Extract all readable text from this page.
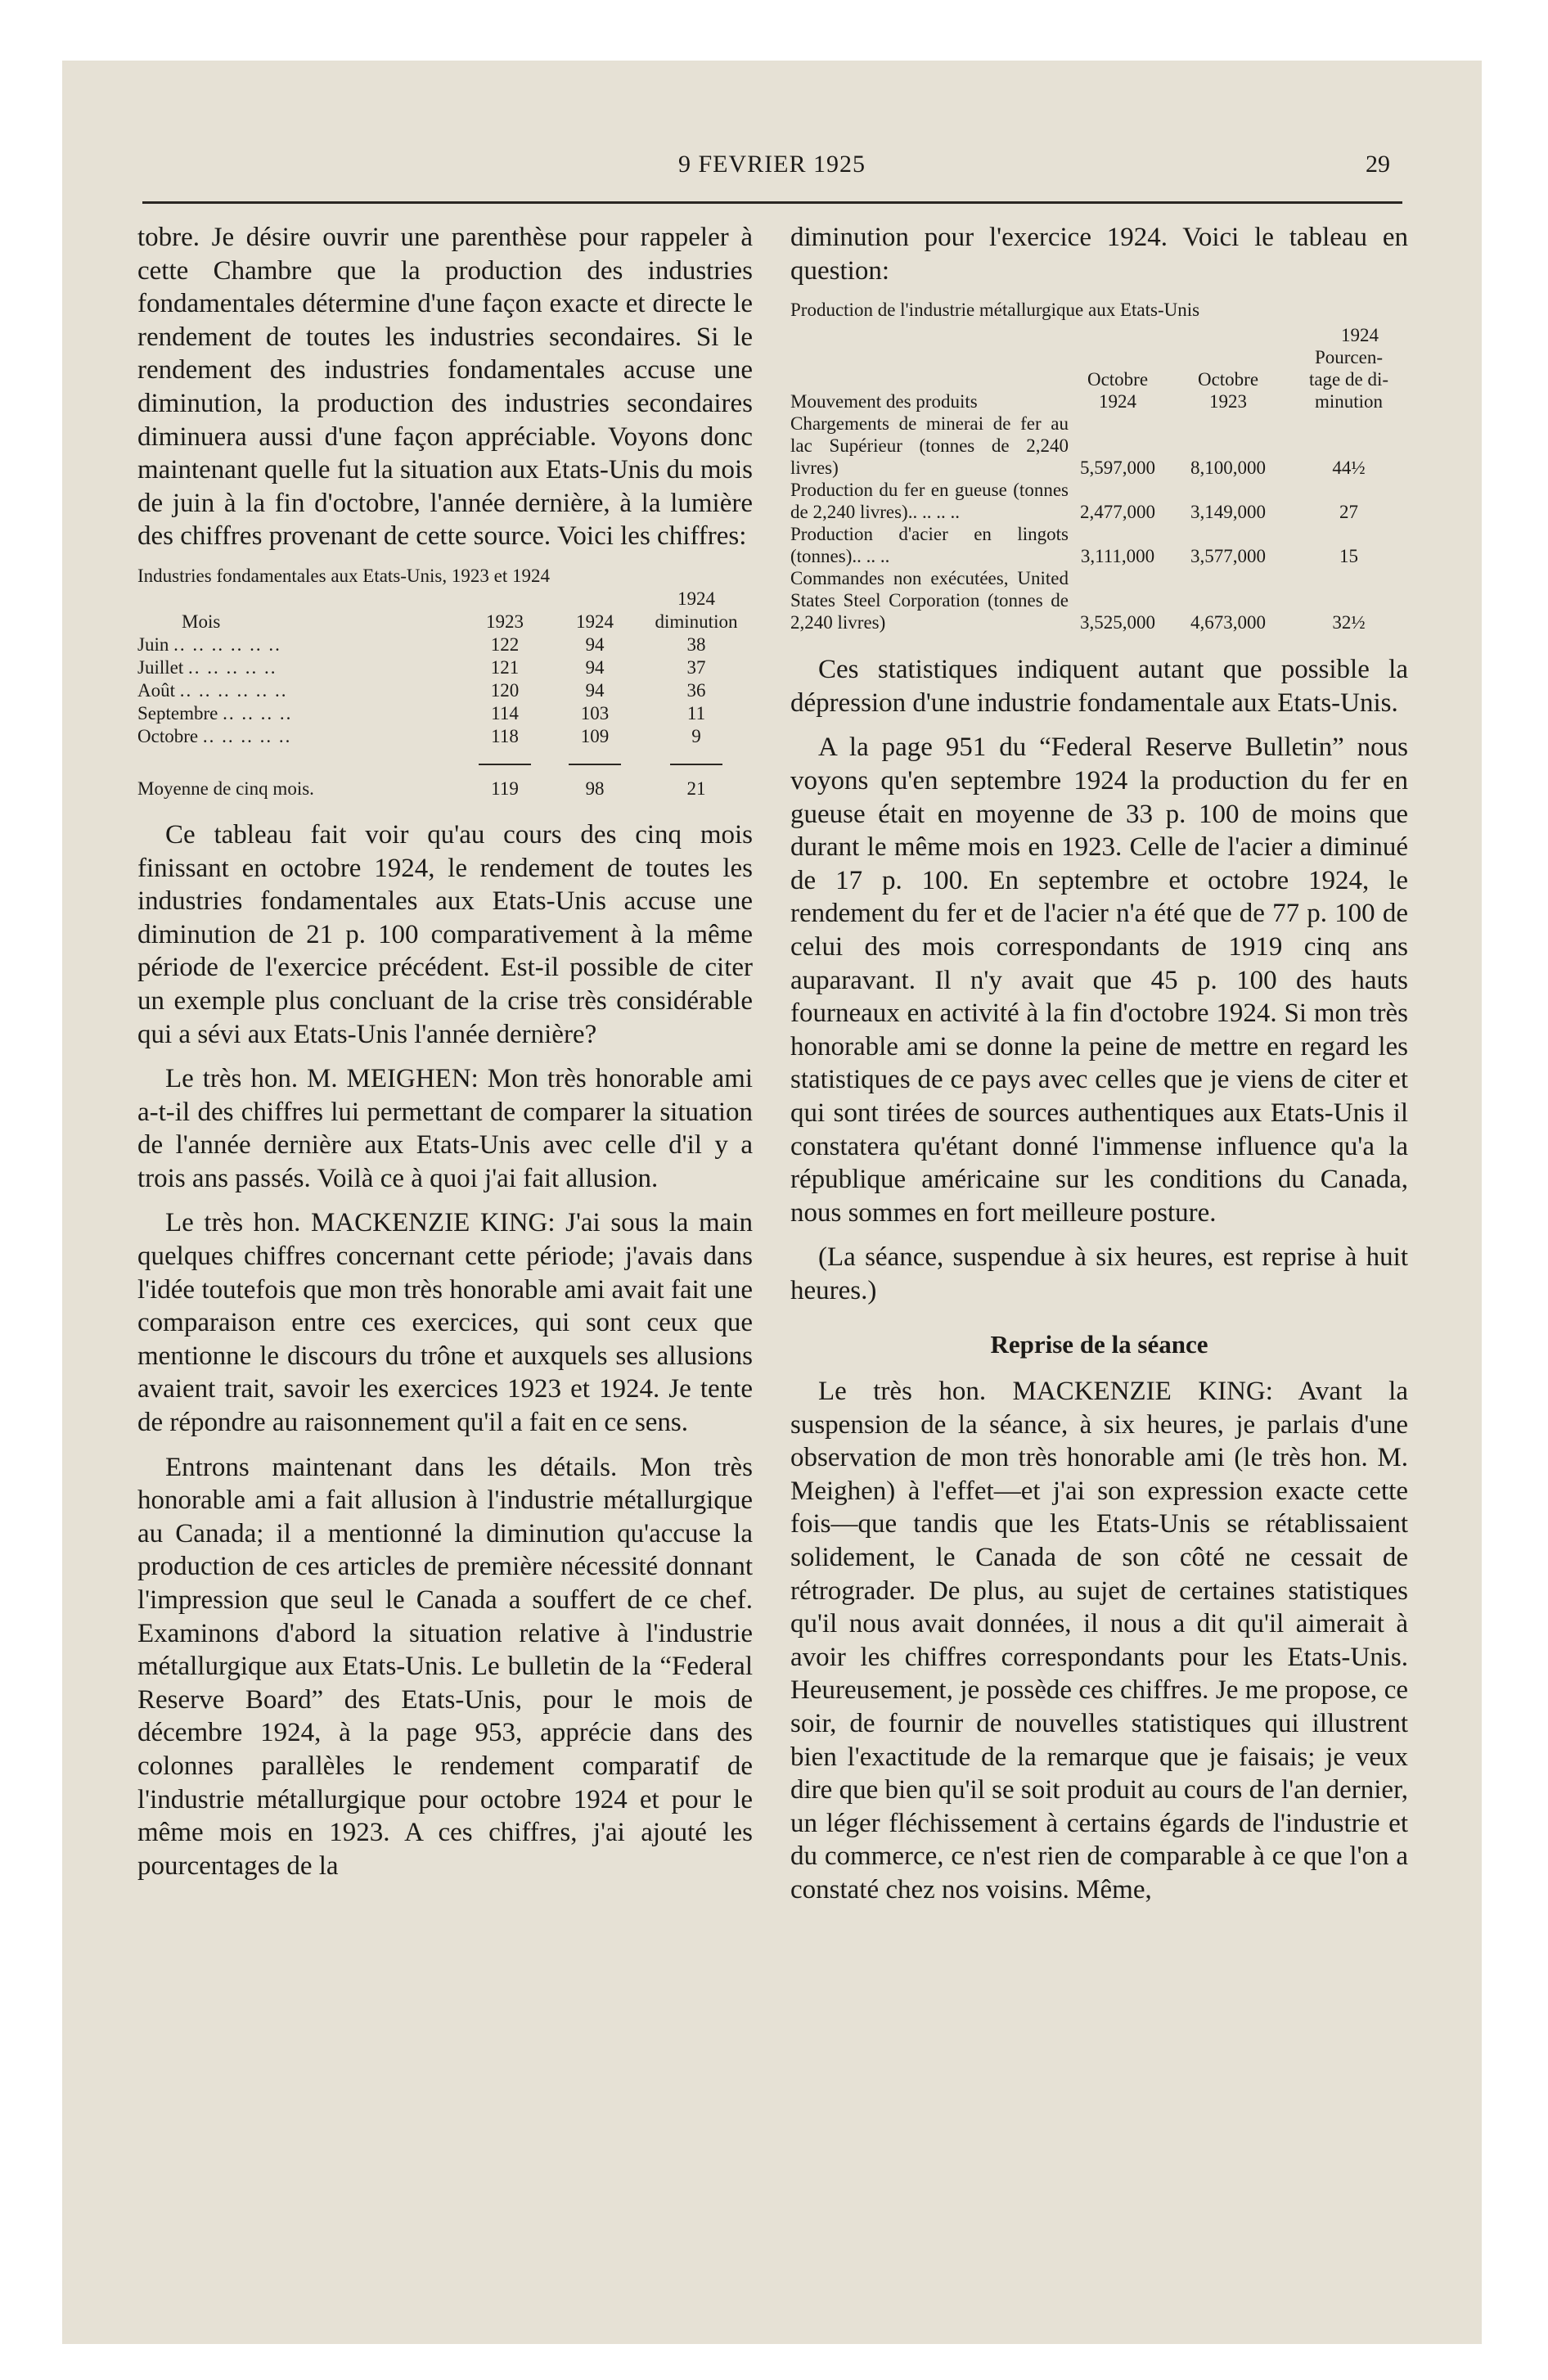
9 FEVRIER 1925	29

tobre. Je désire ouvrir une parenthèse pour rappeler à cette Chambre que la production des industries fondamentales détermine d'une façon exacte et directe le rendement de toutes les industries secondaires. Si le rendement des industries fondamentales accuse une diminution, la production des industries secondaires diminuera aussi d'une façon appréciable. Voyons donc maintenant quelle fut la situation aux Etats-Unis du mois de juin à la fin d'octobre, l'année dernière, à la lumière des chiffres provenant de cette source. Voici les chiffres:

Industries fondamentales aux Etats-Unis, 1923 et 1924			
Mois	1923	1924	1924 diminution
Juin .. .. .. .. .. ..	122	94	38
Juillet .. .. .. .. ..	121	94	37
Août .. .. .. .. .. ..	120	94	36
Septembre .. .. .. ..	114	103	11
Octobre .. .. .. .. ..	118	109	9

Moyenne de cinq mois.	119	98	21

Ce tableau fait voir qu'au cours des cinq mois finissant en octobre 1924, le rendement de toutes les industries fondamentales aux Etats-Unis accuse une diminution de 21 p. 100 comparativement à la même période de l'exercice précédent. Est-il possible de citer un exemple plus concluant de la crise très considérable qui a sévi aux Etats-Unis l'année dernière?

Le très hon. M. MEIGHEN: Mon très honorable ami a-t-il des chiffres lui permettant de comparer la situation de l'année dernière aux Etats-Unis avec celle d'il y a trois ans passés. Voilà ce à quoi j'ai fait allusion.

Le très hon. MACKENZIE KING: J'ai sous la main quelques chiffres concernant cette période; j'avais dans l'idée toutefois que mon très honorable ami avait fait une comparaison entre ces exercices, qui sont ceux que mentionne le discours du trône et auxquels ses allusions avaient trait, savoir les exercices 1923 et 1924. Je tente de répondre au raisonnement qu'il a fait en ce sens.

Entrons maintenant dans les détails. Mon très honorable ami a fait allusion à l'industrie métallurgique au Canada; il a mentionné la diminution qu'accuse la production de ces articles de première nécessité donnant l'impression que seul le Canada a souffert de ce chef. Examinons d'abord la situation relative à l'industrie métallurgique aux Etats-Unis. Le bulletin de la “Federal Reserve Board” des Etats-Unis, pour le mois de décembre 1924, à la page 953, apprécie dans des colonnes parallèles le rendement comparatif de l'industrie métallurgique pour octobre 1924 et pour le même mois en 1923. A ces chiffres, j'ai ajouté les pourcentages de la

diminution pour l'exercice 1924. Voici le tableau en question:

Production de l'industrie métallurgique aux Etats-Unis			
1924			
			Pourcen-
	Octobre	Octobre	tage de di-
Mouvement des produits	1924	1923	minution
Chargements de minerai de fer au lac Supérieur (tonnes de 2,240 livres)	5,597,000	8,100,000	44½
Production du fer en gueuse (tonnes de 2,240 livres).. .. .. ..	2,477,000	3,149,000	27
Production d'acier en lingots (tonnes).. .. ..	3,111,000	3,577,000	15
Commandes non exécutées, United States Steel Corporation (tonnes de 2,240 livres)	3,525,000	4,673,000	32½

Ces statistiques indiquent autant que possible la dépression d'une industrie fondamentale aux Etats-Unis.

A la page 951 du “Federal Reserve Bulletin” nous voyons qu'en septembre 1924 la production du fer en gueuse était en moyenne de 33 p. 100 de moins que durant le même mois en 1923. Celle de l'acier a diminué de 17 p. 100. En septembre et octobre 1924, le rendement du fer et de l'acier n'a été que de 77 p. 100 de celui des mois correspondants de 1919 cinq ans auparavant. Il n'y avait que 45 p. 100 des hauts fourneaux en activité à la fin d'octobre 1924. Si mon très honorable ami se donne la peine de mettre en regard les statistiques de ce pays avec celles que je viens de citer et qui sont tirées de sources authentiques aux Etats-Unis il constatera qu'étant donné l'immense influence qu'a la république américaine sur les conditions du Canada, nous sommes en fort meilleure posture.

(La séance, suspendue à six heures, est reprise à huit heures.)

Reprise de la séance

Le très hon. MACKENZIE KING: Avant la suspension de la séance, à six heures, je parlais d'une observation de mon très honorable ami (le très hon. M. Meighen) à l'effet—et j'ai son expression exacte cette fois—que tandis que les Etats-Unis se rétablissaient solidement, le Canada de son côté ne cessait de rétrograder. De plus, au sujet de certaines statistiques qu'il nous avait données, il nous a dit qu'il aimerait à avoir les chiffres correspondants pour les Etats-Unis. Heureusement, je possède ces chiffres. Je me propose, ce soir, de fournir de nouvelles statistiques qui illustrent bien l'exactitude de la remarque que je faisais; je veux dire que bien qu'il se soit produit au cours de l'an dernier, un léger fléchissement à certains égards de l'industrie et du commerce, ce n'est rien de comparable à ce que l'on a constaté chez nos voisins. Même,
